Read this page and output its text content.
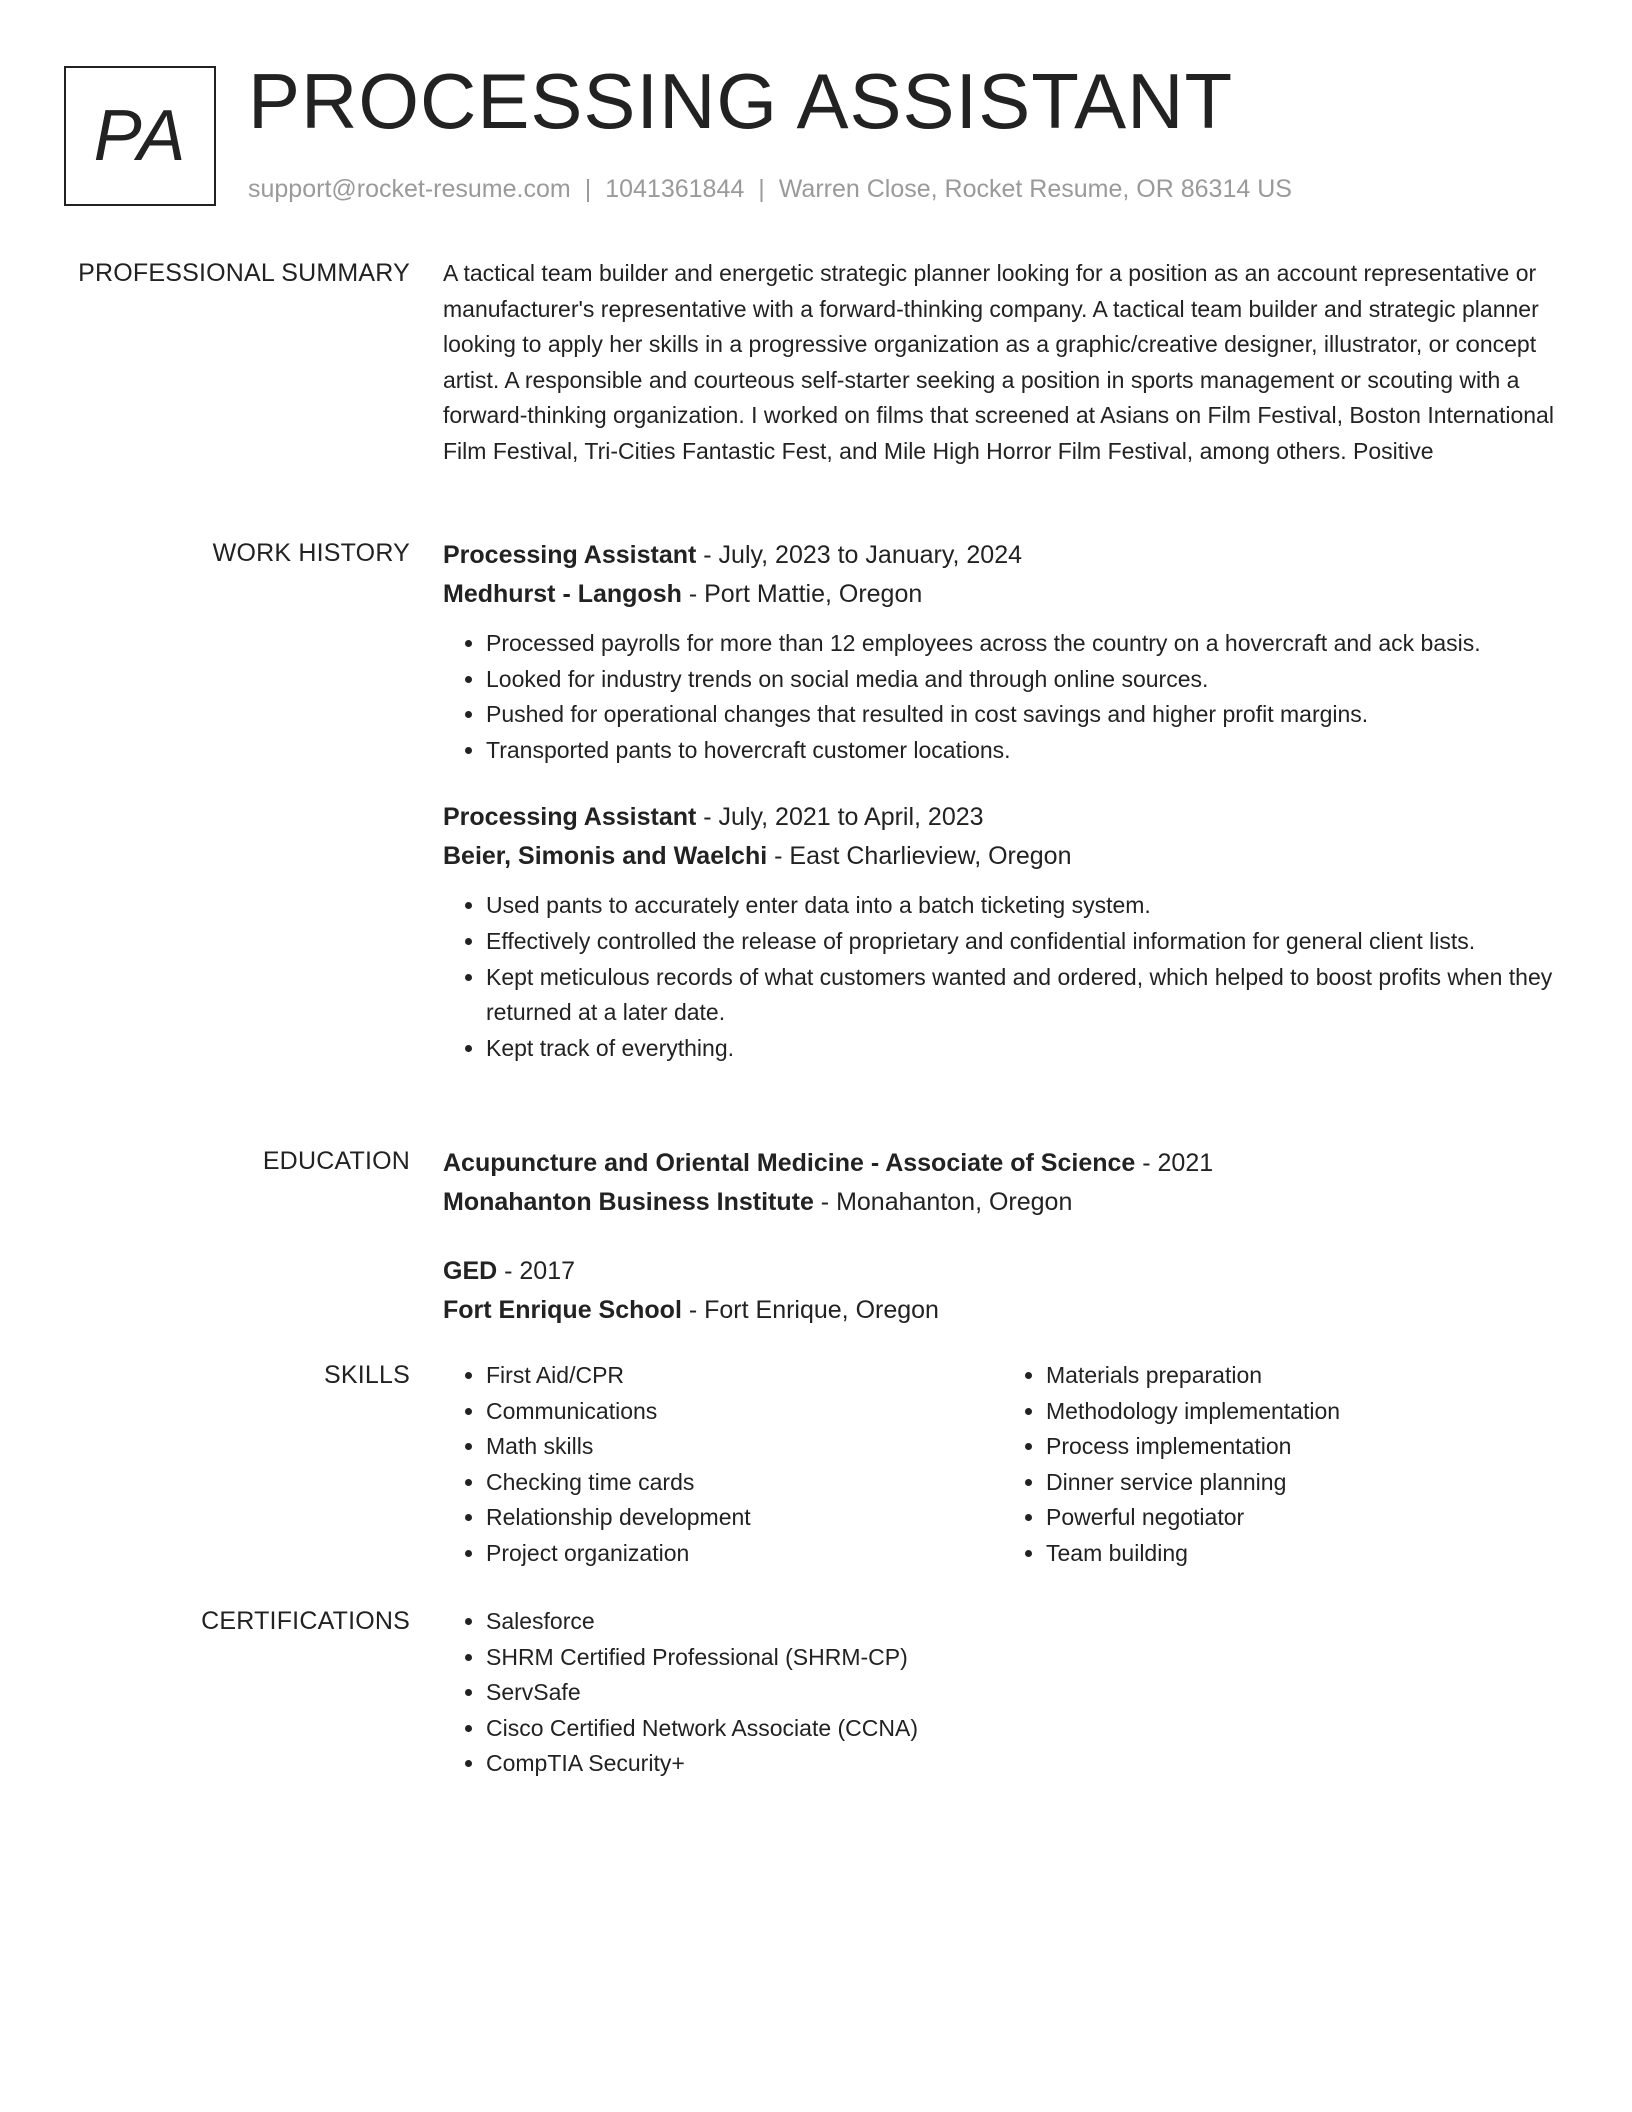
PA PROCESSING ASSISTANT
support@rocket-resume.com | 1041361844 | Warren Close, Rocket Resume, OR 86314 US
PROFESSIONAL SUMMARY A tactical team builder and energetic strategic planner looking for a position as an account representative or manufacturer's representative with a forward-thinking company. A tactical team builder and strategic planner looking to apply her skills in a progressive organization as a graphic/creative designer, illustrator, or concept artist. A responsible and courteous self-starter seeking a position in sports management or scouting with a forward-thinking organization. I worked on films that screened at Asians on Film Festival, Boston International Film Festival, Tri-Cities Fantastic Fest, and Mile High Horror Film Festival, among others. Positive

WORK HISTORY Processing Assistant - July, 2023 to January, 2024
Medhurst - Langosh - Port Mattie, Oregon
• Processed payrolls for more than 12 employees across the country on a hovercraft and ack basis.
• Looked for industry trends on social media and through online sources.
• Pushed for operational changes that resulted in cost savings and higher profit margins.
• Transported pants to hovercraft customer locations.
Processing Assistant - July, 2021 to April, 2023
Beier, Simonis and Waelchi - East Charlieview, Oregon
• Used pants to accurately enter data into a batch ticketing system.
• Effectively controlled the release of proprietary and confidential information for general client lists.
• Kept meticulous records of what customers wanted and ordered, which helped to boost profits when they returned at a later date.
• Kept track of everything.
EDUCATION Acupuncture and Oriental Medicine - Associate of Science - 2021
Monahanton Business Institute - Monahanton, Oregon
GED - 2017
Fort Enrique School - Fort Enrique, Oregon
SKILLS	• First Aid/CPR
• Communications
• Math skills
• Checking time cards
• Relationship development
• Project organization
• Materials preparation
• Methodology implementation
• Process implementation
• Dinner service planning
• Powerful negotiator
• Team building
CERTIFICATIONS	• Salesforce
• SHRM Certified Professional (SHRM-CP)
• ServSafe
• Cisco Certified Network Associate (CCNA)
• CompTIA Security+
